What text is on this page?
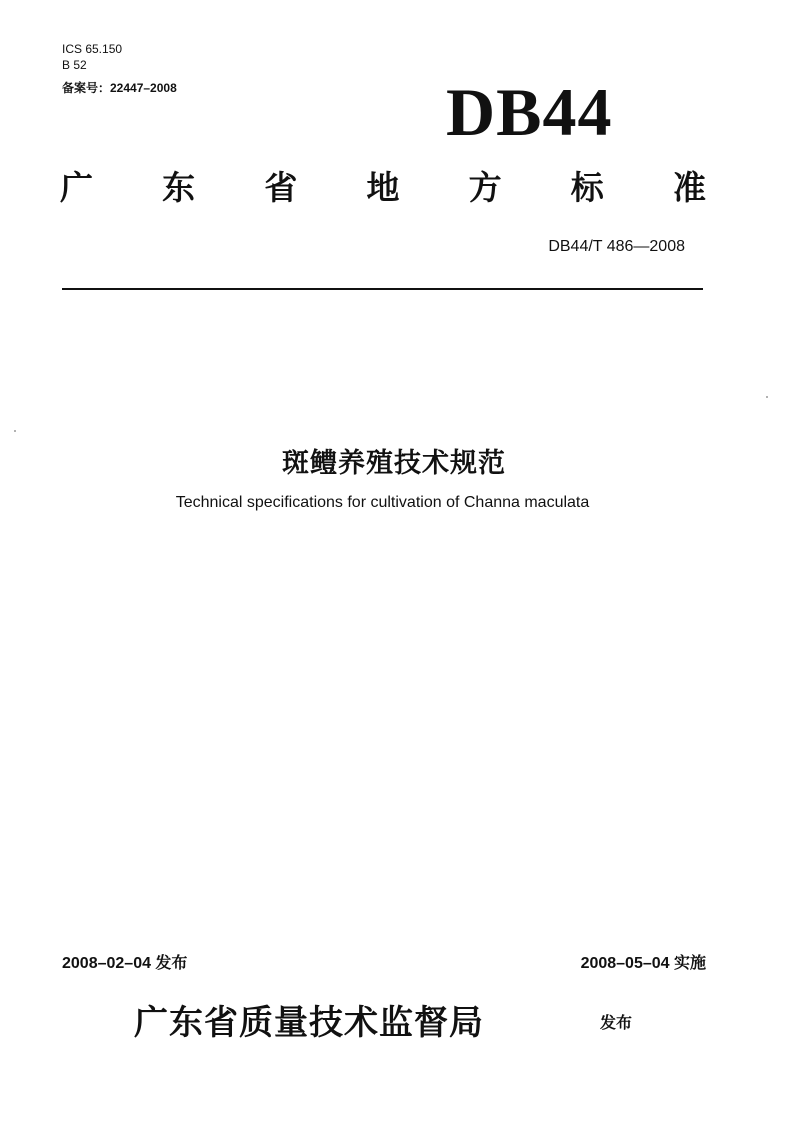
ICS 65.150
B 52
备案号：22447–2008	DB44
广 东 省 地 方 标 准
DB44/T 486—2008
斑鳢养殖技术规范
Technical specifications for cultivation of Channa maculata
2008–02–04 发布	2008–05–04 实施
广东省质量技术监督局	发布
